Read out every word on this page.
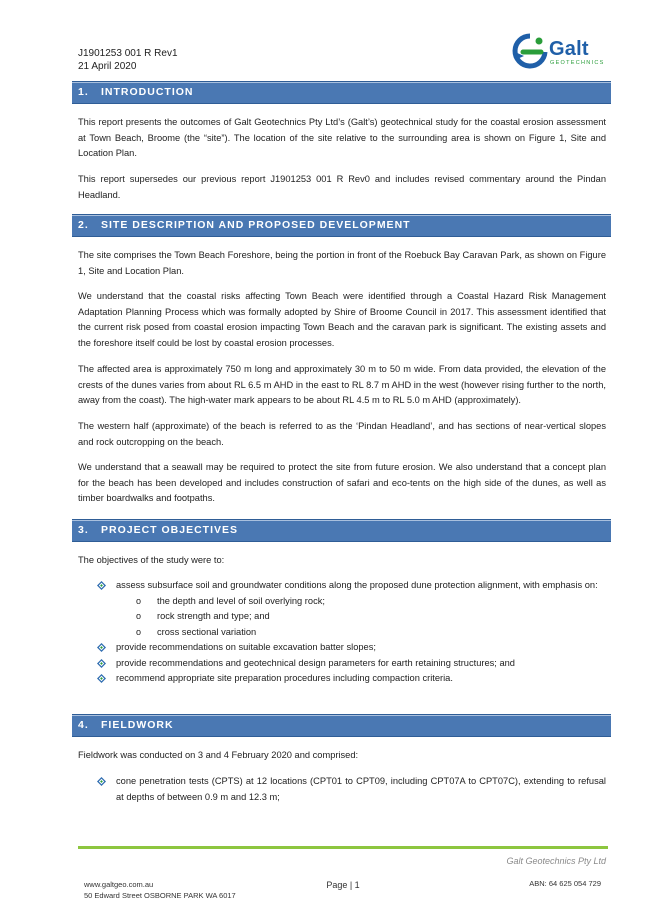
J1901253 001 R Rev1
21 April 2020
Galt
GEOTECHNICS
1. INTRODUCTION

This report presents the outcomes of Galt Geotechnics Pty Ltd’s (Galt’s) geotechnical study for the coastal erosion assessment at Town Beach, Broome (the “site”). The location of the site relative to the surrounding area is shown on Figure 1, Site and Location Plan.

This report supersedes our previous report J1901253 001 R Rev0 and includes revised commentary around the Pindan Headland.

2. SITE DESCRIPTION AND PROPOSED DEVELOPMENT

The site comprises the Town Beach Foreshore, being the portion in front of the Roebuck Bay Caravan Park, as shown on Figure 1, Site and Location Plan.

We understand that the coastal risks affecting Town Beach were identified through a Coastal Hazard Risk Management Adaptation Planning Process which was formally adopted by Shire of Broome Council in 2017. This assessment identified that the current risk posed from coastal erosion impacting Town Beach and the caravan park is significant. The existing assets and the foreshore itself could be lost by coastal erosion processes.

The affected area is approximately 750 m long and approximately 30 m to 50 m wide. From data provided, the elevation of the crests of the dunes varies from about RL 6.5 m AHD in the east to RL 8.7 m AHD in the west (however rising further to the north, away from the coast). The high-water mark appears to be about RL 4.5 m to RL 5.0 m AHD (approximately).

The western half (approximate) of the beach is referred to as the ‘Pindan Headland’, and has sections of near-vertical slopes and rock outcropping on the beach.

We understand that a seawall may be required to protect the site from future erosion. We also understand that a concept plan for the beach has been developed and includes construction of safari and eco-tents on the high side of the dunes, as well as timber boardwalks and footpaths.

3. PROJECT OBJECTIVES

The objectives of the study were to:

assess subsurface soil and groundwater conditions along the proposed dune protection alignment, with emphasis on:
o the depth and level of soil overlying rock;
o rock strength and type; and
o cross sectional variation
provide recommendations on suitable excavation batter slopes;
provide recommendations and geotechnical design parameters for earth retaining structures; and
recommend appropriate site preparation procedures including compaction criteria.
4. FIELDWORK

Fieldwork was conducted on 3 and 4 February 2020 and comprised:

cone penetration tests (CPTS) at 12 locations (CPT01 to CPT09, including CPT07A to CPT07C), extending to refusal at depths of between 0.9 m and 12.3 m;
Galt Geotechnics Pty Ltd
www.galtgeo.com.au
50 Edward Street OSBORNE PARK WA 6017
Page | 1	ABN: 64 625 054 729
